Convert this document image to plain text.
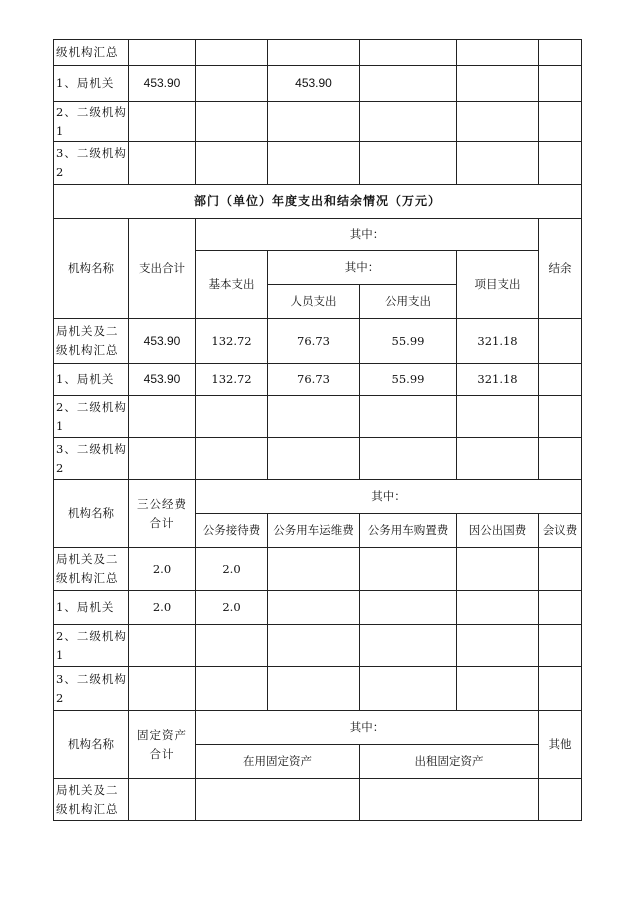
级机构汇总						
1、局机关	453.90		453.90			
2、二级机构1						
3、二级机构2						
部门（单位）年度支出和结余情况（万元）						
机构名称	支出合计	其中：				结余
		基本支出	其中：		项目支出	
			人员支出	公用支出		
局机关及二级机构汇总	453.90	132.72	76.73	55.99	321.18	
1、局机关	453.90	132.72	76.73	55.99	321.18	
2、二级机构1						
3、二级机构2						
机构名称	三公经费合计	其中：				
		公务接待费	公务用车运维费	公务用车购置费	因公出国费	会议费
局机关及二级机构汇总	2.0	2.0				
1、局机关	2.0	2.0				
2、二级机构1						
3、二级机构2						
机构名称	固定资产合计	其中：				其他
		在用固定资产		出租固定资产		
局机关及二级机构汇总						
